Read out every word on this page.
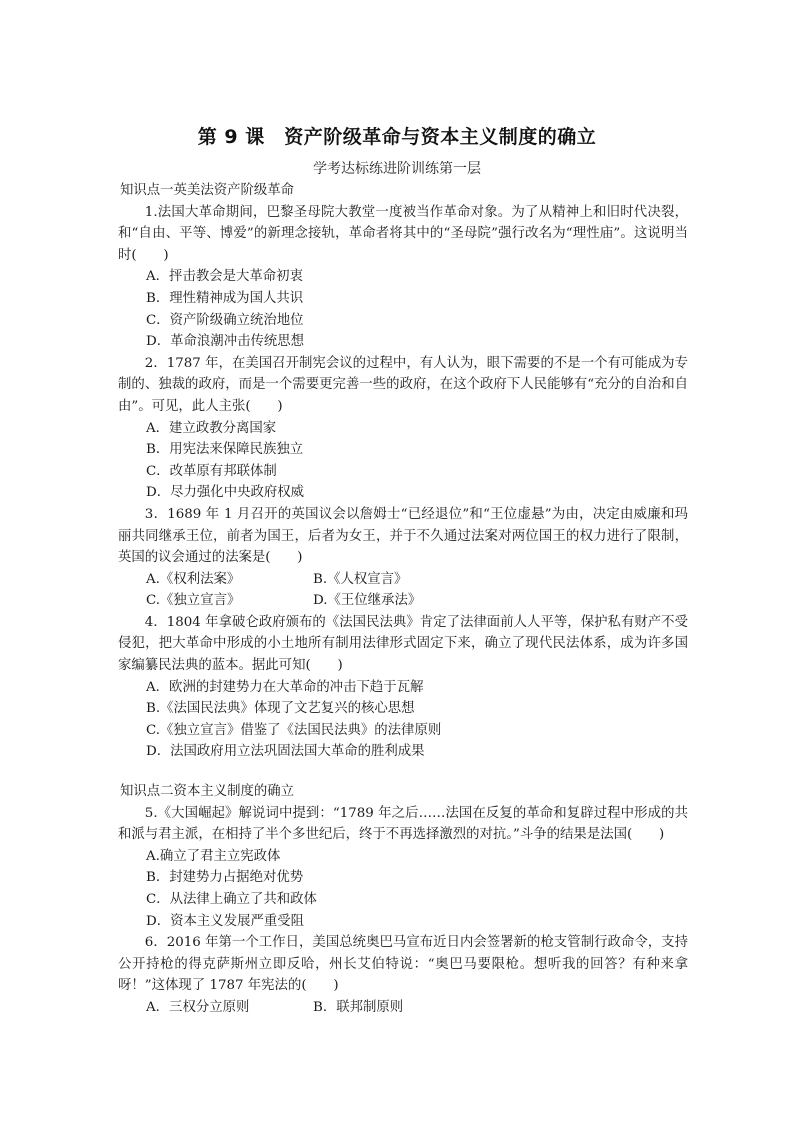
第 9 课　资产阶级革命与资本主义制度的确立
学考达标练进阶训练第一层

知识点一英美法资产阶级革命

1.法国大革命期间，巴黎圣母院大教堂一度被当作革命对象。为了从精神上和旧时代决裂，和“自由、平等、博爱”的新理念接轨，革命者将其中的“圣母院”强行改名为“理性庙”。这说明当时(　　)

A．抨击教会是大革命初衷

B．理性精神成为国人共识

C．资产阶级确立统治地位

D．革命浪潮冲击传统思想

2．1787 年，在美国召开制宪会议的过程中，有人认为，眼下需要的不是一个有可能成为专制的、独裁的政府，而是一个需要更完善一些的政府，在这个政府下人民能够有“充分的自治和自由”。可见，此人主张(　　)

A．建立政教分离国家

B．用宪法来保障民族独立

C．改革原有邦联体制

D．尽力强化中央政府权威

3．1689 年 1 月召开的英国议会以詹姆士“已经退位”和“王位虚悬”为由，决定由威廉和玛丽共同继承王位，前者为国王，后者为女王，并于不久通过法案对两位国王的权力进行了限制，英国的议会通过的法案是(　　)

A.《权利法案》	B.《人权宣言》

C.《独立宣言》	D.《王位继承法》

4．1804 年拿破仑政府颁布的《法国民法典》肯定了法律面前人人平等，保护私有财产不受侵犯，把大革命中形成的小土地所有制用法律形式固定下来，确立了现代民法体系，成为许多国家编纂民法典的蓝本。据此可知(　　)

A．欧洲的封建势力在大革命的冲击下趋于瓦解

B.《法国民法典》体现了文艺复兴的核心思想

C.《独立宣言》借鉴了《法国民法典》的法律原则

D．法国政府用立法巩固法国大革命的胜利成果

知识点二资本主义制度的确立

5.《大国崛起》解说词中提到：“1789 年之后……法国在反复的革命和复辟过程中形成的共和派与君主派，在相持了半个多世纪后，终于不再选择激烈的对抗。”斗争的结果是法国(　　)

A.确立了君主立宪政体

B．封建势力占据绝对优势

C．从法律上确立了共和政体

D．资本主义发展严重受阻

6．2016 年第一个工作日，美国总统奥巴马宣布近日内会签署新的枪支管制行政命令，支持公开持枪的得克萨斯州立即反哈，州长艾伯特说：“奥巴马要限枪。想听我的回答？有种来拿呀！”这体现了 1787 年宪法的(　　)

A．三权分立原则	B．联邦制原则
